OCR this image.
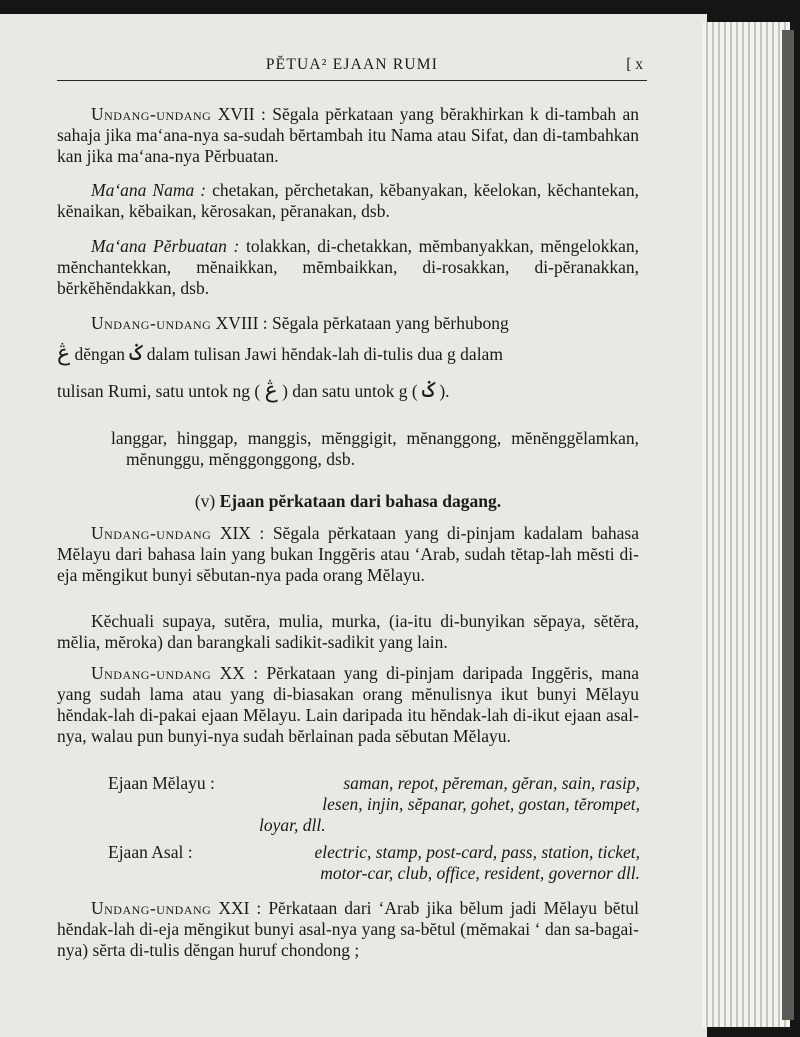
PĔTUA² EJAAN RUMI	[ x
Undang-undang XVII : Sĕgala pĕrkataan yang bĕrakhirkan k di-tambah an sahaja jika ma‘ana-nya sa-sudah bĕrtambah itu Nama atau Sifat, dan di-tambahkan kan jika ma‘ana-nya Pĕrbuatan.
Ma‘ana Nama : chetakan, pĕrchetakan, kĕbanyakan, kĕelokan, kĕchantekan, kĕnaikan, kĕbaikan, kĕrosakan, pĕranakan, dsb.
Ma‘ana Pĕrbuatan : tolakkan, di-chetakkan, mĕmbanyakkan, mĕngelokkan, mĕnchantekkan, mĕnaikkan, mĕmbaikkan, di-rosakkan, di-pĕranakkan, bĕrkĕhĕndakkan, dsb.
Undang-undang XVIII : Sĕgala pĕrkataan yang bĕrhubong
ڠ dĕngan ݢ dalam tulisan Jawi hĕndak-lah di-tulis dua g dalam
tulisan Rumi, satu untok ng ( ڠ ) dan satu untok g ( ݢ ).
langgar, hinggap, manggis, mĕnggigit, mĕnanggong, mĕnĕnggĕlamkan, mĕnunggu, mĕnggonggong, dsb.
(v) Ejaan pĕrkataan dari bahasa dagang.
Undang-undang XIX : Sĕgala pĕrkataan yang di-pinjam kadalam bahasa Mĕlayu dari bahasa lain yang bukan Inggĕris atau ‘Arab, sudah tĕtap-lah mĕsti di-eja mĕngikut bunyi sĕbutan-nya pada orang Mĕlayu.
Kĕchuali supaya, sutĕra, mulia, murka, (ia-itu di-bunyikan sĕpaya, sĕtĕra, mĕlia, mĕroka) dan barangkali sadikit-sadikit yang lain.
Undang-undang XX : Pĕrkataan yang di-pinjam daripada Inggĕris, mana yang sudah lama atau yang di-biasakan orang mĕnulisnya ikut bunyi Mĕlayu hĕndak-lah di-pakai ejaan Mĕlayu. Lain daripada itu hĕndak-lah di-ikut ejaan asal-nya, walau pun bunyi-nya sudah bĕrlainan pada sĕbutan Mĕlayu.
Ejaan Mĕlayu :	saman, repot, pĕreman, gĕran, sain, rasip,
lesen, injin, sĕpanar, gohet, gostan, tĕrompet,
loyar, dll.
Ejaan Asal :	electric, stamp, post-card, pass, station, ticket,
motor-car, club, office, resident, governor dll.
Undang-undang XXI : Pĕrkataan dari ‘Arab jika bĕlum jadi Mĕlayu bĕtul hĕndak-lah di-eja mĕngikut bunyi asal-nya yang sa-bĕtul (mĕmakai ‘ dan sa-bagai-nya) sĕrta di-tulis dĕngan huruf chondong ;
